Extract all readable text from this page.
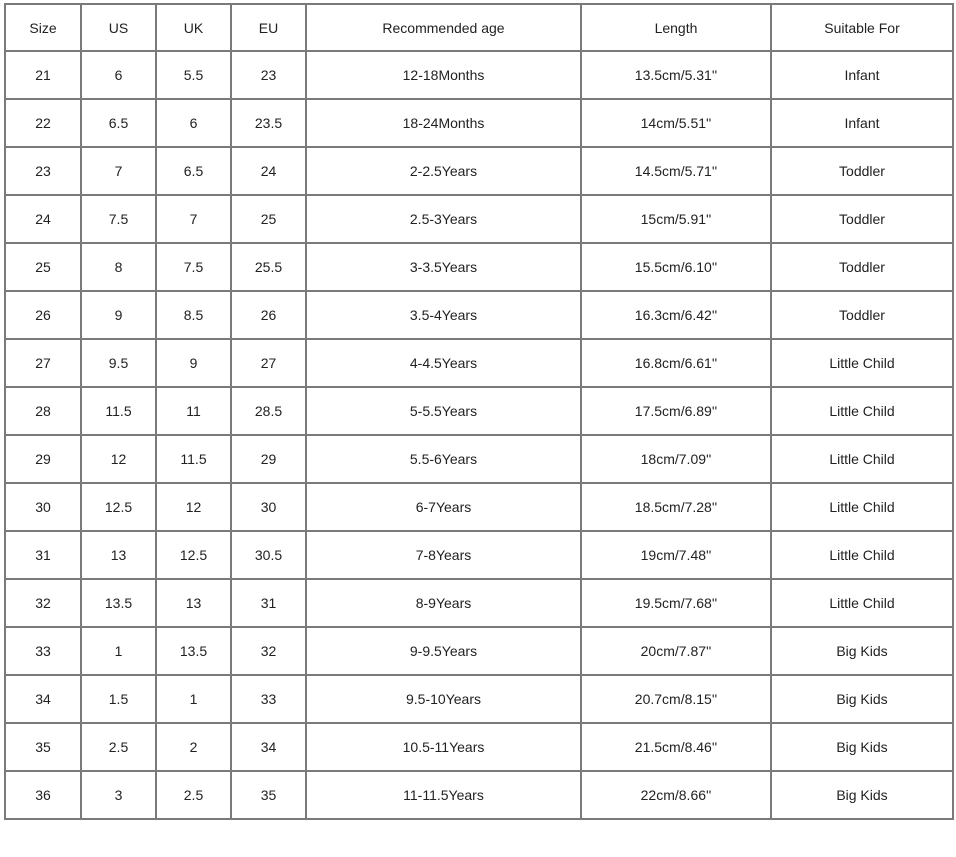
Size	US	UK	EU	Recommended age	Length	Suitable For
21	6	5.5	23	12-18Months	13.5cm/5.31''	Infant
22	6.5	6	23.5	18-24Months	14cm/5.51''	Infant
23	7	6.5	24	2-2.5Years	14.5cm/5.71''	Toddler
24	7.5	7	25	2.5-3Years	15cm/5.91''	Toddler
25	8	7.5	25.5	3-3.5Years	15.5cm/6.10''	Toddler
26	9	8.5	26	3.5-4Years	16.3cm/6.42''	Toddler
27	9.5	9	27	4-4.5Years	16.8cm/6.61''	Little Child
28	11.5	11	28.5	5-5.5Years	17.5cm/6.89''	Little Child
29	12	11.5	29	5.5-6Years	18cm/7.09''	Little Child
30	12.5	12	30	6-7Years	18.5cm/7.28''	Little Child
31	13	12.5	30.5	7-8Years	19cm/7.48''	Little Child
32	13.5	13	31	8-9Years	19.5cm/7.68''	Little Child
33	1	13.5	32	9-9.5Years	20cm/7.87''	Big Kids
34	1.5	1	33	9.5-10Years	20.7cm/8.15''	Big Kids
35	2.5	2	34	10.5-11Years	21.5cm/8.46''	Big Kids
36	3	2.5	35	11-11.5Years	22cm/8.66''	Big Kids
